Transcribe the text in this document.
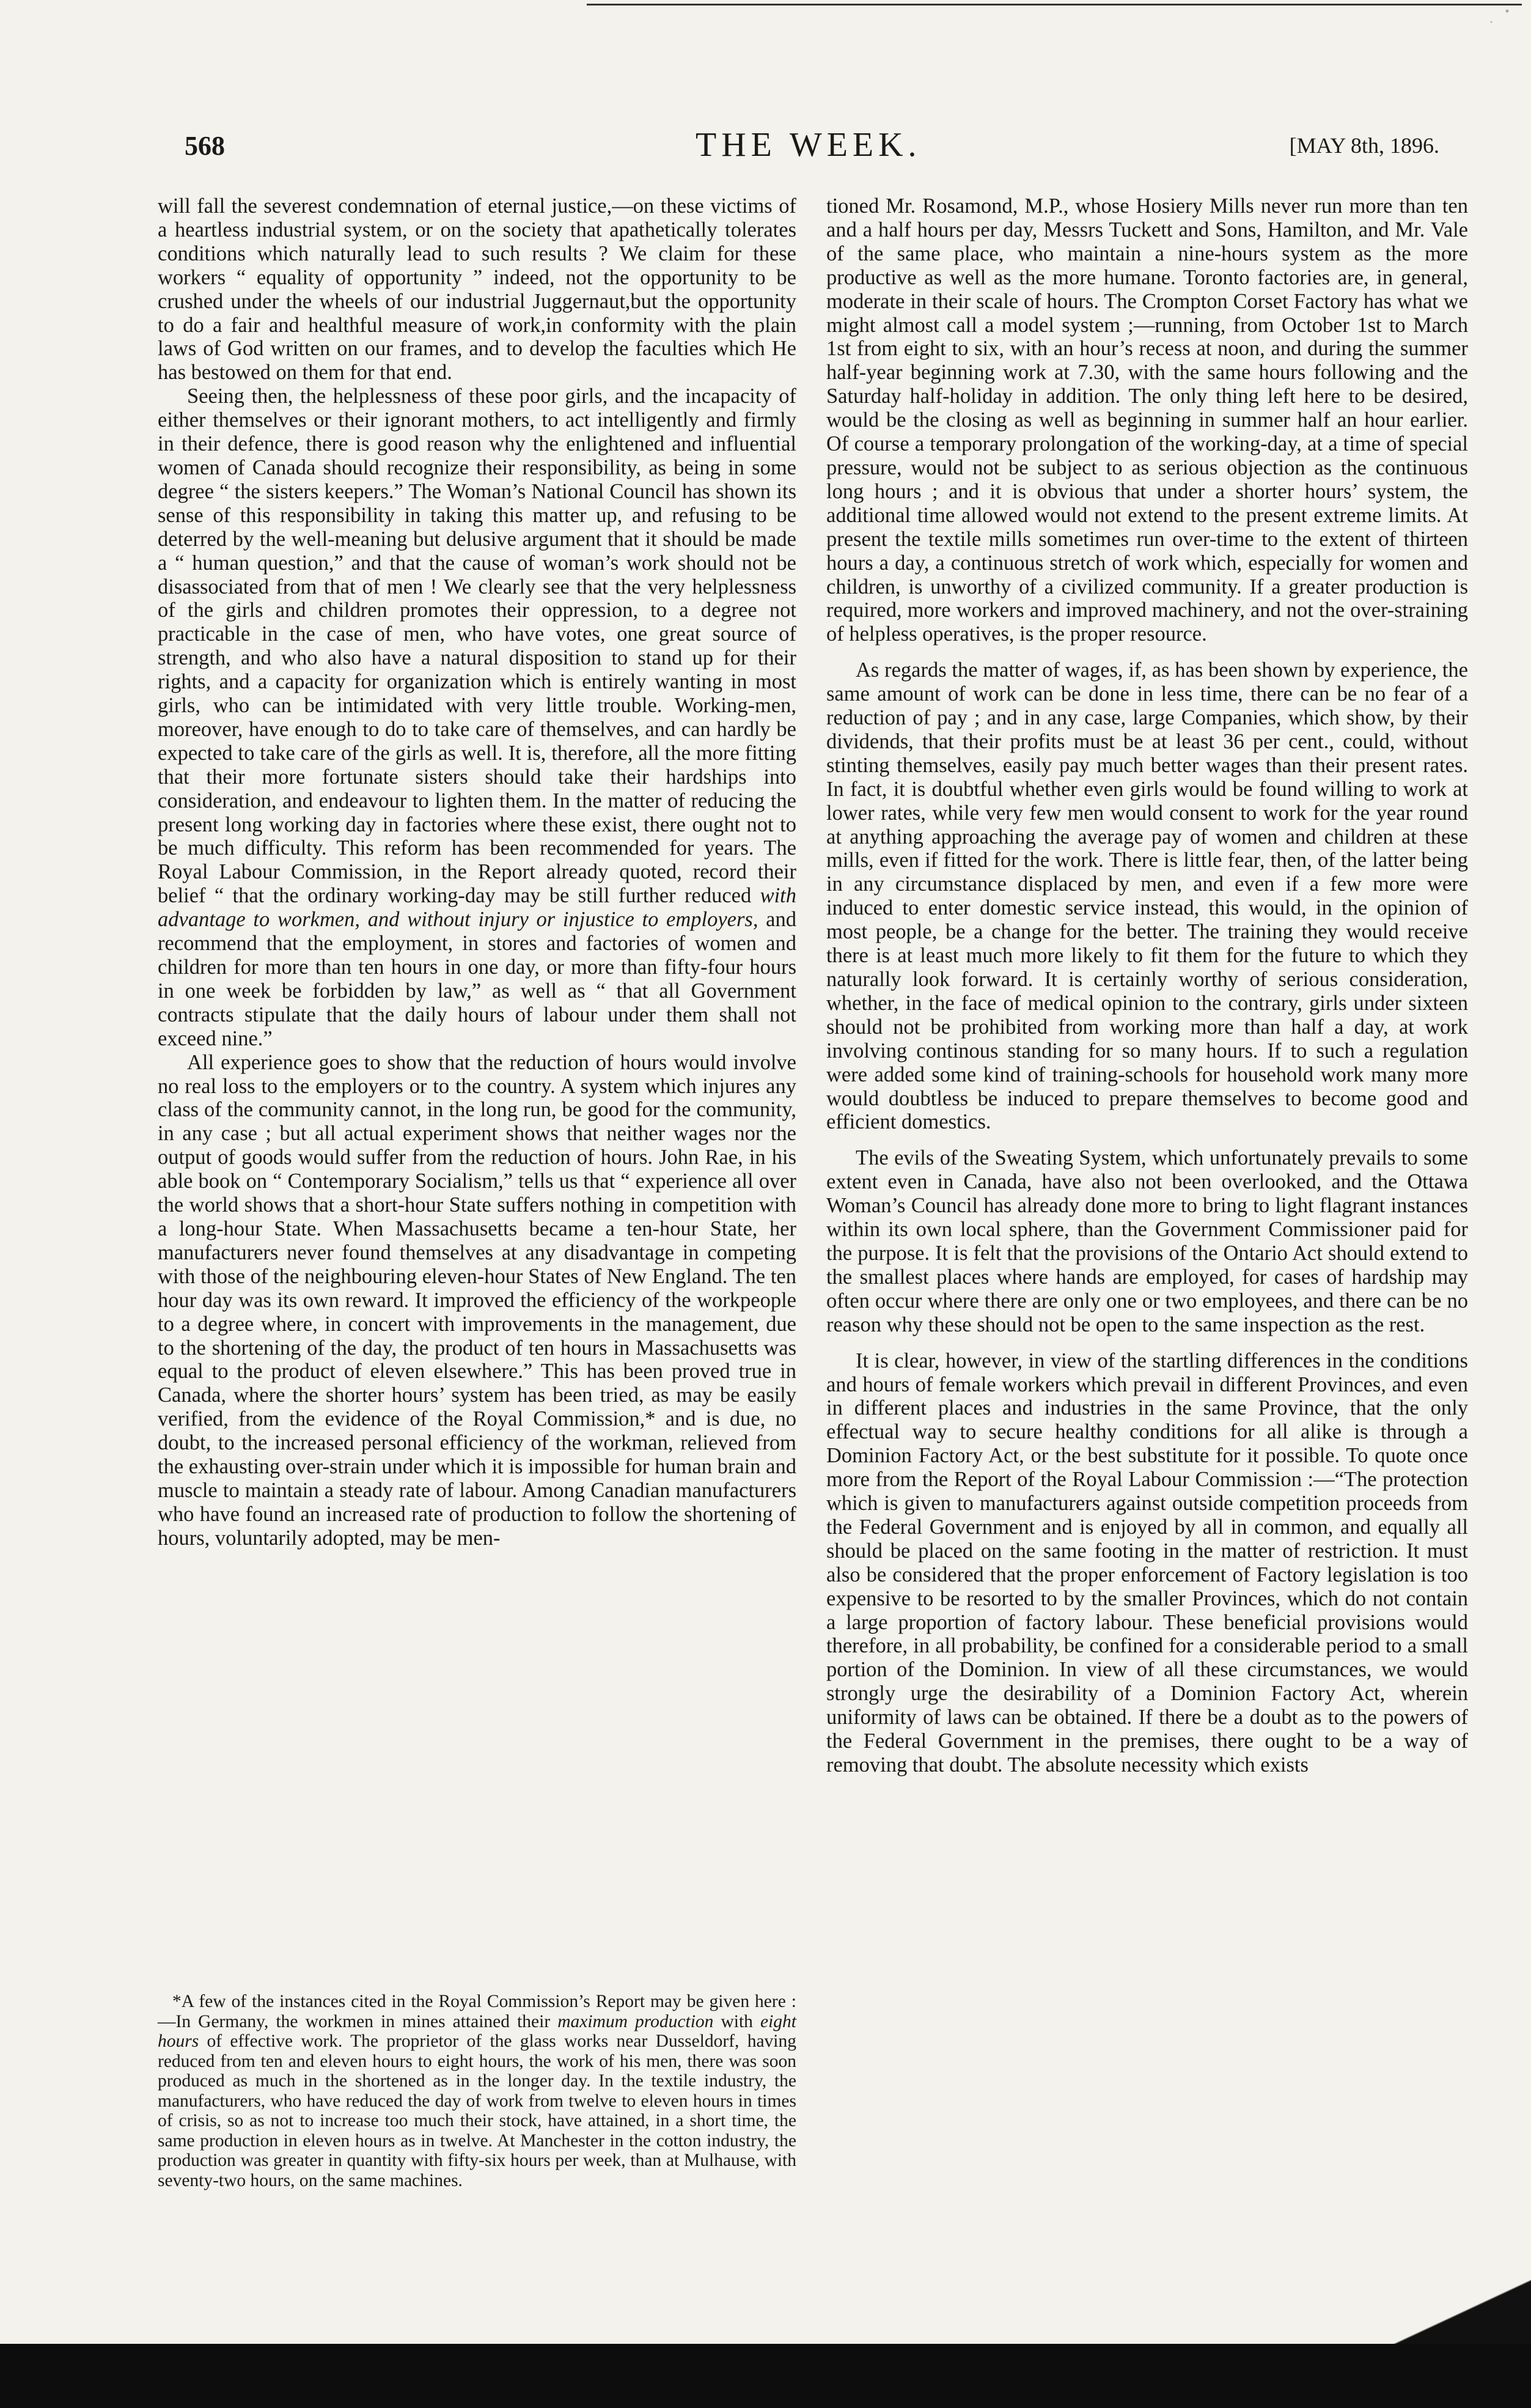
568	THE WEEK.	[MAY 8th, 1896.

will fall the severest condemnation of eternal justice,—on these victims of a heartless industrial system, or on the society that apathetically tolerates conditions which naturally lead to such results ? We claim for these workers “ equality of opportunity ” indeed, not the opportunity to be crushed under the wheels of our industrial Juggernaut,but the opportunity to do a fair and healthful measure of work,in conformity with the plain laws of God written on our frames, and to develop the faculties which He has bestowed on them for that end.

Seeing then, the helplessness of these poor girls, and the incapacity of either themselves or their ignorant mothers, to act intelligently and firmly in their defence, there is good reason why the enlightened and influential women of Canada should recognize their responsibility, as being in some degree “ the sisters keepers.” The Woman’s National Council has shown its sense of this responsibility in taking this matter up, and refusing to be deterred by the well-meaning but delusive argument that it should be made a “ human question,” and that the cause of woman’s work should not be disassociated from that of men ! We clearly see that the very helplessness of the girls and children promotes their oppression, to a degree not practicable in the case of men, who have votes, one great source of strength, and who also have a natural disposition to stand up for their rights, and a capacity for organization which is entirely wanting in most girls, who can be intimidated with very little trouble. Working-men, moreover, have enough to do to take care of themselves, and can hardly be expected to take care of the girls as well. It is, therefore, all the more fitting that their more fortunate sisters should take their hardships into consideration, and endeavour to lighten them. In the matter of reducing the present long working day in factories where these exist, there ought not to be much difficulty. This reform has been recommended for years. The Royal Labour Commission, in the Report already quoted, record their belief “ that the ordinary working-day may be still further reduced with advantage to workmen, and without injury or injustice to employers, and recommend that the employment, in stores and factories of women and children for more than ten hours in one day, or more than fifty-four hours in one week be forbidden by law,” as well as “ that all Government contracts stipulate that the daily hours of labour under them shall not exceed nine.”

All experience goes to show that the reduction of hours would involve no real loss to the employers or to the country. A system which injures any class of the community cannot, in the long run, be good for the community, in any case ; but all actual experiment shows that neither wages nor the output of goods would suffer from the reduction of hours. John Rae, in his able book on “ Contemporary Socialism,” tells us that “ experience all over the world shows that a short-hour State suffers nothing in competition with a long-hour State. When Massachusetts became a ten-hour State, her manufacturers never found themselves at any disadvantage in competing with those of the neighbouring eleven-hour States of New England. The ten hour day was its own reward. It improved the efficiency of the workpeople to a degree where, in concert with improvements in the management, due to the shortening of the day, the product of ten hours in Massachusetts was equal to the product of eleven elsewhere.” This has been proved true in Canada, where the shorter hours’ system has been tried, as may be easily verified, from the evidence of the Royal Commission,* and is due, no doubt, to the increased personal efficiency of the workman, relieved from the exhausting over-strain under which it is impossible for human brain and muscle to maintain a steady rate of labour. Among Canadian manufacturers who have found an increased rate of production to follow the shortening of hours, voluntarily adopted, may be men-

*A few of the instances cited in the Royal Commission’s Report may be given here :—In Germany, the workmen in mines attained their maximum production with eight hours of effective work. The proprietor of the glass works near Dusseldorf, having reduced from ten and eleven hours to eight hours, the work of his men, there was soon produced as much in the shortened as in the longer day. In the textile industry, the manufacturers, who have reduced the day of work from twelve to eleven hours in times of crisis, so as not to increase too much their stock, have attained, in a short time, the same production in eleven hours as in twelve. At Manchester in the cotton industry, the production was greater in quantity with fifty-six hours per week, than at Mulhause, with seventy-two hours, on the same machines.

tioned Mr. Rosamond, M.P., whose Hosiery Mills never run more than ten and a half hours per day, Messrs Tuckett and Sons, Hamilton, and Mr. Vale of the same place, who maintain a nine-hours system as the more productive as well as the more humane. Toronto factories are, in general, moderate in their scale of hours. The Crompton Corset Factory has what we might almost call a model system ;—running, from October 1st to March 1st from eight to six, with an hour’s recess at noon, and during the summer half-year beginning work at 7.30, with the same hours following and the Saturday half-holiday in addition. The only thing left here to be desired, would be the closing as well as beginning in summer half an hour earlier. Of course a temporary prolongation of the working-day, at a time of special pressure, would not be subject to as serious objection as the continuous long hours ; and it is obvious that under a shorter hours’ system, the additional time allowed would not extend to the present extreme limits. At present the textile mills sometimes run over-time to the extent of thirteen hours a day, a continuous stretch of work which, especially for women and children, is unworthy of a civilized community. If a greater production is required, more workers and improved machinery, and not the over-straining of helpless operatives, is the proper resource.

As regards the matter of wages, if, as has been shown by experience, the same amount of work can be done in less time, there can be no fear of a reduction of pay ; and in any case, large Companies, which show, by their dividends, that their profits must be at least 36 per cent., could, without stinting themselves, easily pay much better wages than their present rates. In fact, it is doubtful whether even girls would be found willing to work at lower rates, while very few men would consent to work for the year round at anything approaching the average pay of women and children at these mills, even if fitted for the work. There is little fear, then, of the latter being in any circumstance displaced by men, and even if a few more were induced to enter domestic service instead, this would, in the opinion of most people, be a change for the better. The training they would receive there is at least much more likely to fit them for the future to which they naturally look forward. It is certainly worthy of serious consideration, whether, in the face of medical opinion to the contrary, girls under sixteen should not be prohibited from working more than half a day, at work involving continous standing for so many hours. If to such a regulation were added some kind of training-schools for household work many more would doubtless be induced to prepare themselves to become good and efficient domestics.

The evils of the Sweating System, which unfortunately prevails to some extent even in Canada, have also not been overlooked, and the Ottawa Woman’s Council has already done more to bring to light flagrant instances within its own local sphere, than the Government Commissioner paid for the purpose. It is felt that the provisions of the Ontario Act should extend to the smallest places where hands are employed, for cases of hardship may often occur where there are only one or two employees, and there can be no reason why these should not be open to the same inspection as the rest.

It is clear, however, in view of the startling differences in the conditions and hours of female workers which prevail in different Provinces, and even in different places and industries in the same Province, that the only effectual way to secure healthy conditions for all alike is through a Dominion Factory Act, or the best substitute for it possible. To quote once more from the Report of the Royal Labour Commission :—“The protection which is given to manufacturers against outside competition proceeds from the Federal Government and is enjoyed by all in common, and equally all should be placed on the same footing in the matter of restriction. It must also be considered that the proper enforcement of Factory legislation is too expensive to be resorted to by the smaller Provinces, which do not contain a large proportion of factory labour. These beneficial provisions would therefore, in all probability, be confined for a considerable period to a small portion of the Dominion. In view of all these circumstances, we would strongly urge the desirability of a Dominion Factory Act, wherein uniformity of laws can be obtained. If there be a doubt as to the powers of the Federal Government in the premises, there ought to be a way of removing that doubt. The absolute necessity which exists
